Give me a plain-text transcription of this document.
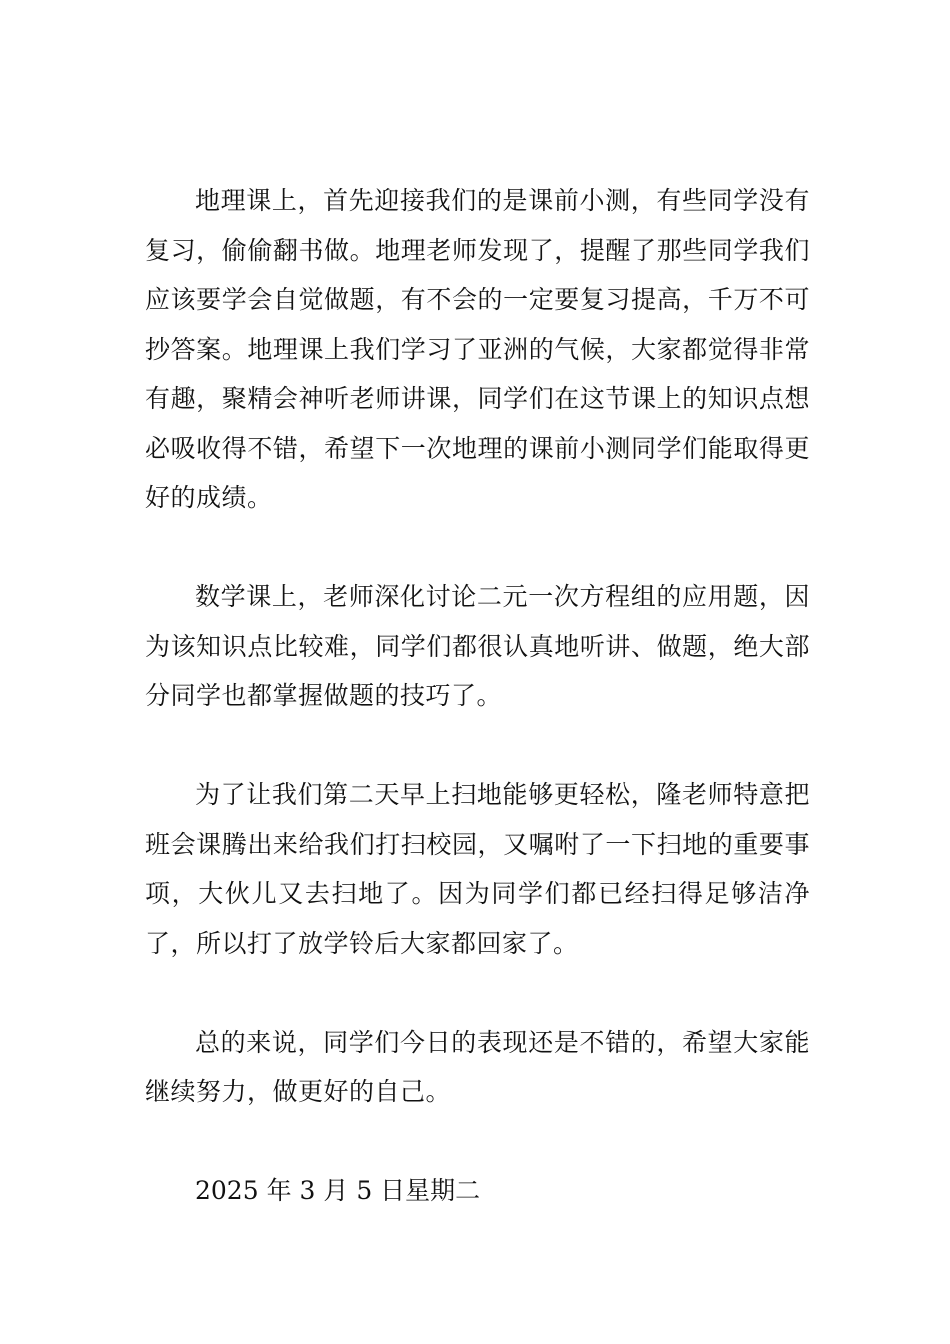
地理课上，首先迎接我们的是课前小测，有些同学没有复习，偷偷翻书做。地理老师发现了，提醒了那些同学我们应该要学会自觉做题，有不会的一定要复习提高，千万不可抄答案。地理课上我们学习了亚洲的气候，大家都觉得非常有趣，聚精会神听老师讲课，同学们在这节课上的知识点想必吸收得不错，希望下一次地理的课前小测同学们能取得更好的成绩。

数学课上，老师深化讨论二元一次方程组的应用题，因为该知识点比较难，同学们都很认真地听讲、做题，绝大部分同学也都掌握做题的技巧了。

为了让我们第二天早上扫地能够更轻松，隆老师特意把班会课腾出来给我们打扫校园，又嘱咐了一下扫地的重要事项，大伙儿又去扫地了。因为同学们都已经扫得足够洁净了，所以打了放学铃后大家都回家了。

总的来说，同学们今日的表现还是不错的，希望大家能继续努力，做更好的自己。

2025 年 3 月 5 日星期二
